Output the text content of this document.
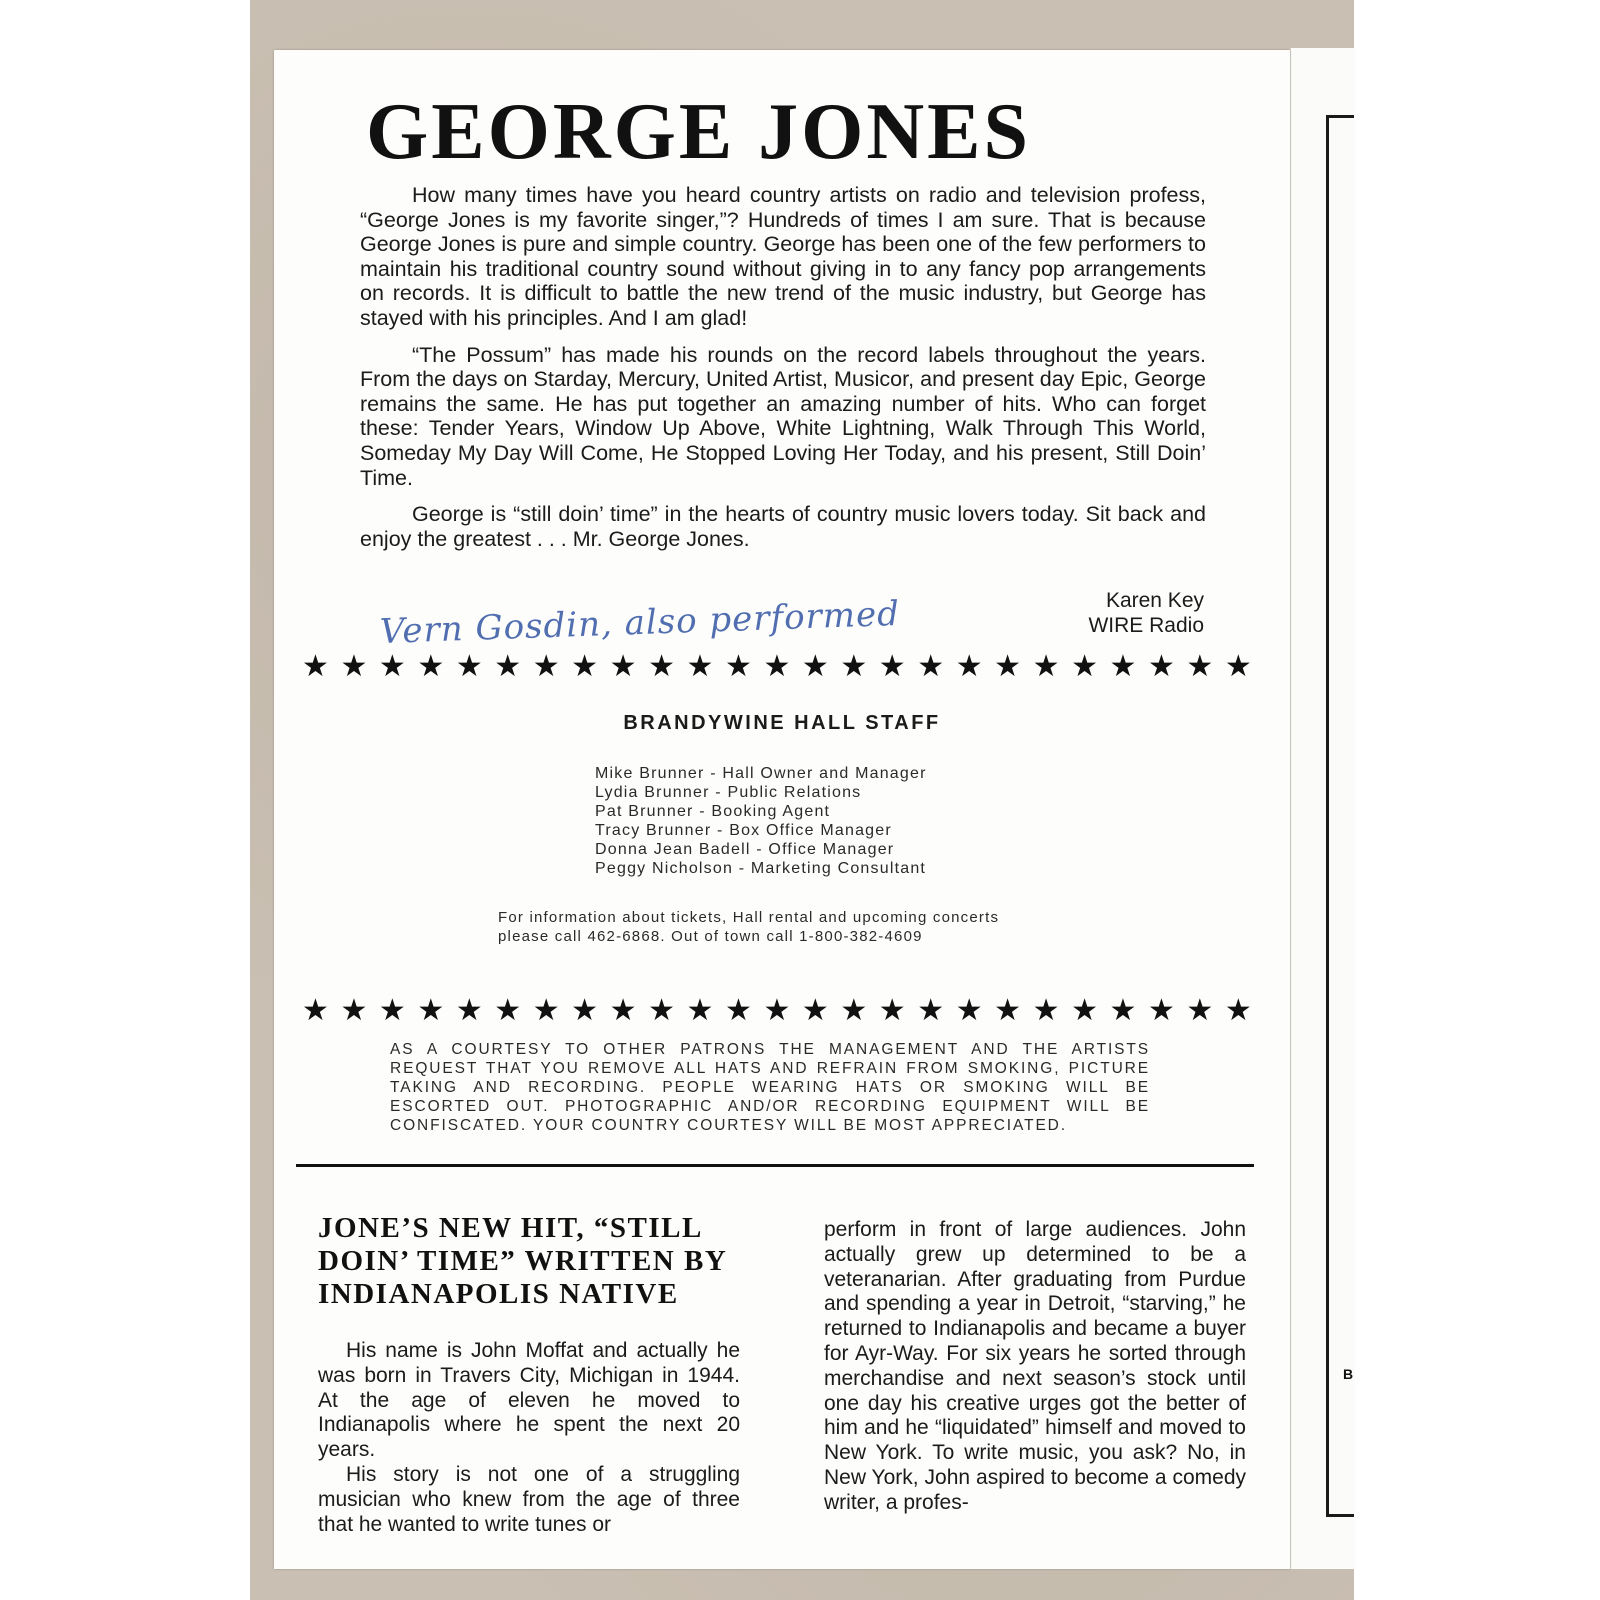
B
GEORGE JONES

How many times have you heard country artists on radio and television profess, “George Jones is my favorite singer,”? Hundreds of times I am sure. That is because George Jones is pure and simple country. George has been one of the few performers to maintain his traditional country sound without giving in to any fancy pop arrangements on records. It is difficult to battle the new trend of the music industry, but George has stayed with his principles. And I am glad!

“The Possum” has made his rounds on the record labels throughout the years. From the days on Starday, Mercury, United Artist, Musicor, and present day Epic, George remains the same. He has put together an amazing number of hits. Who can forget these: Tender Years, Window Up Above, White Lightning, Walk Through This World, Someday My Day Will Come, He Stopped Loving Her Today, and his present, Still Doin’ Time.

George is “still doin’ time” in the hearts of country music lovers today. Sit back and enjoy the greatest . . . Mr. George Jones.

Karen Key
WIRE Radio
Vern Gosdin, also performed
★ ★ ★ ★ ★ ★ ★ ★ ★ ★ ★ ★ ★ ★ ★ ★ ★ ★ ★ ★ ★ ★ ★ ★ ★
BRANDYWINE HALL STAFF
Mike Brunner - Hall Owner and Manager
Lydia Brunner - Public Relations
Pat Brunner - Booking Agent
Tracy Brunner - Box Office Manager
Donna Jean Badell - Office Manager
Peggy Nicholson - Marketing Consultant
For information about tickets, Hall rental and upcoming concerts
please call 462-6868. Out of town call 1-800-382-4609
★ ★ ★ ★ ★ ★ ★ ★ ★ ★ ★ ★ ★ ★ ★ ★ ★ ★ ★ ★ ★ ★ ★ ★ ★

AS A COURTESY TO OTHER PATRONS THE MANAGEMENT AND THE ARTISTS REQUEST THAT YOU REMOVE ALL HATS AND REFRAIN FROM SMOKING, PICTURE TAKING AND RECORDING. PEOPLE WEARING HATS OR SMOKING WILL BE ESCORTED OUT. PHOTOGRAPHIC AND/OR RECORDING EQUIPMENT WILL BE CONFISCATED. YOUR COUNTRY COURTESY WILL BE MOST APPRECIATED.

JONE’S NEW HIT, “STILL DOIN’ TIME” WRITTEN BY INDIANAPOLIS NATIVE

His name is John Moffat and actually he was born in Travers City, Michigan in 1944. At the age of eleven he moved to Indianapolis where he spent the next 20 years.

His story is not one of a struggling musician who knew from the age of three that he wanted to write tunes or

perform in front of large audiences. John actually grew up determined to be a veteranarian. After graduating from Purdue and spending a year in Detroit, “starving,” he returned to Indianapolis and became a buyer for Ayr-Way. For six years he sorted through merchandise and next season’s stock until one day his creative urges got the better of him and he “liquidated” himself and moved to New York. To write music, you ask? No, in New York, John aspired to become a comedy writer, a profes-
